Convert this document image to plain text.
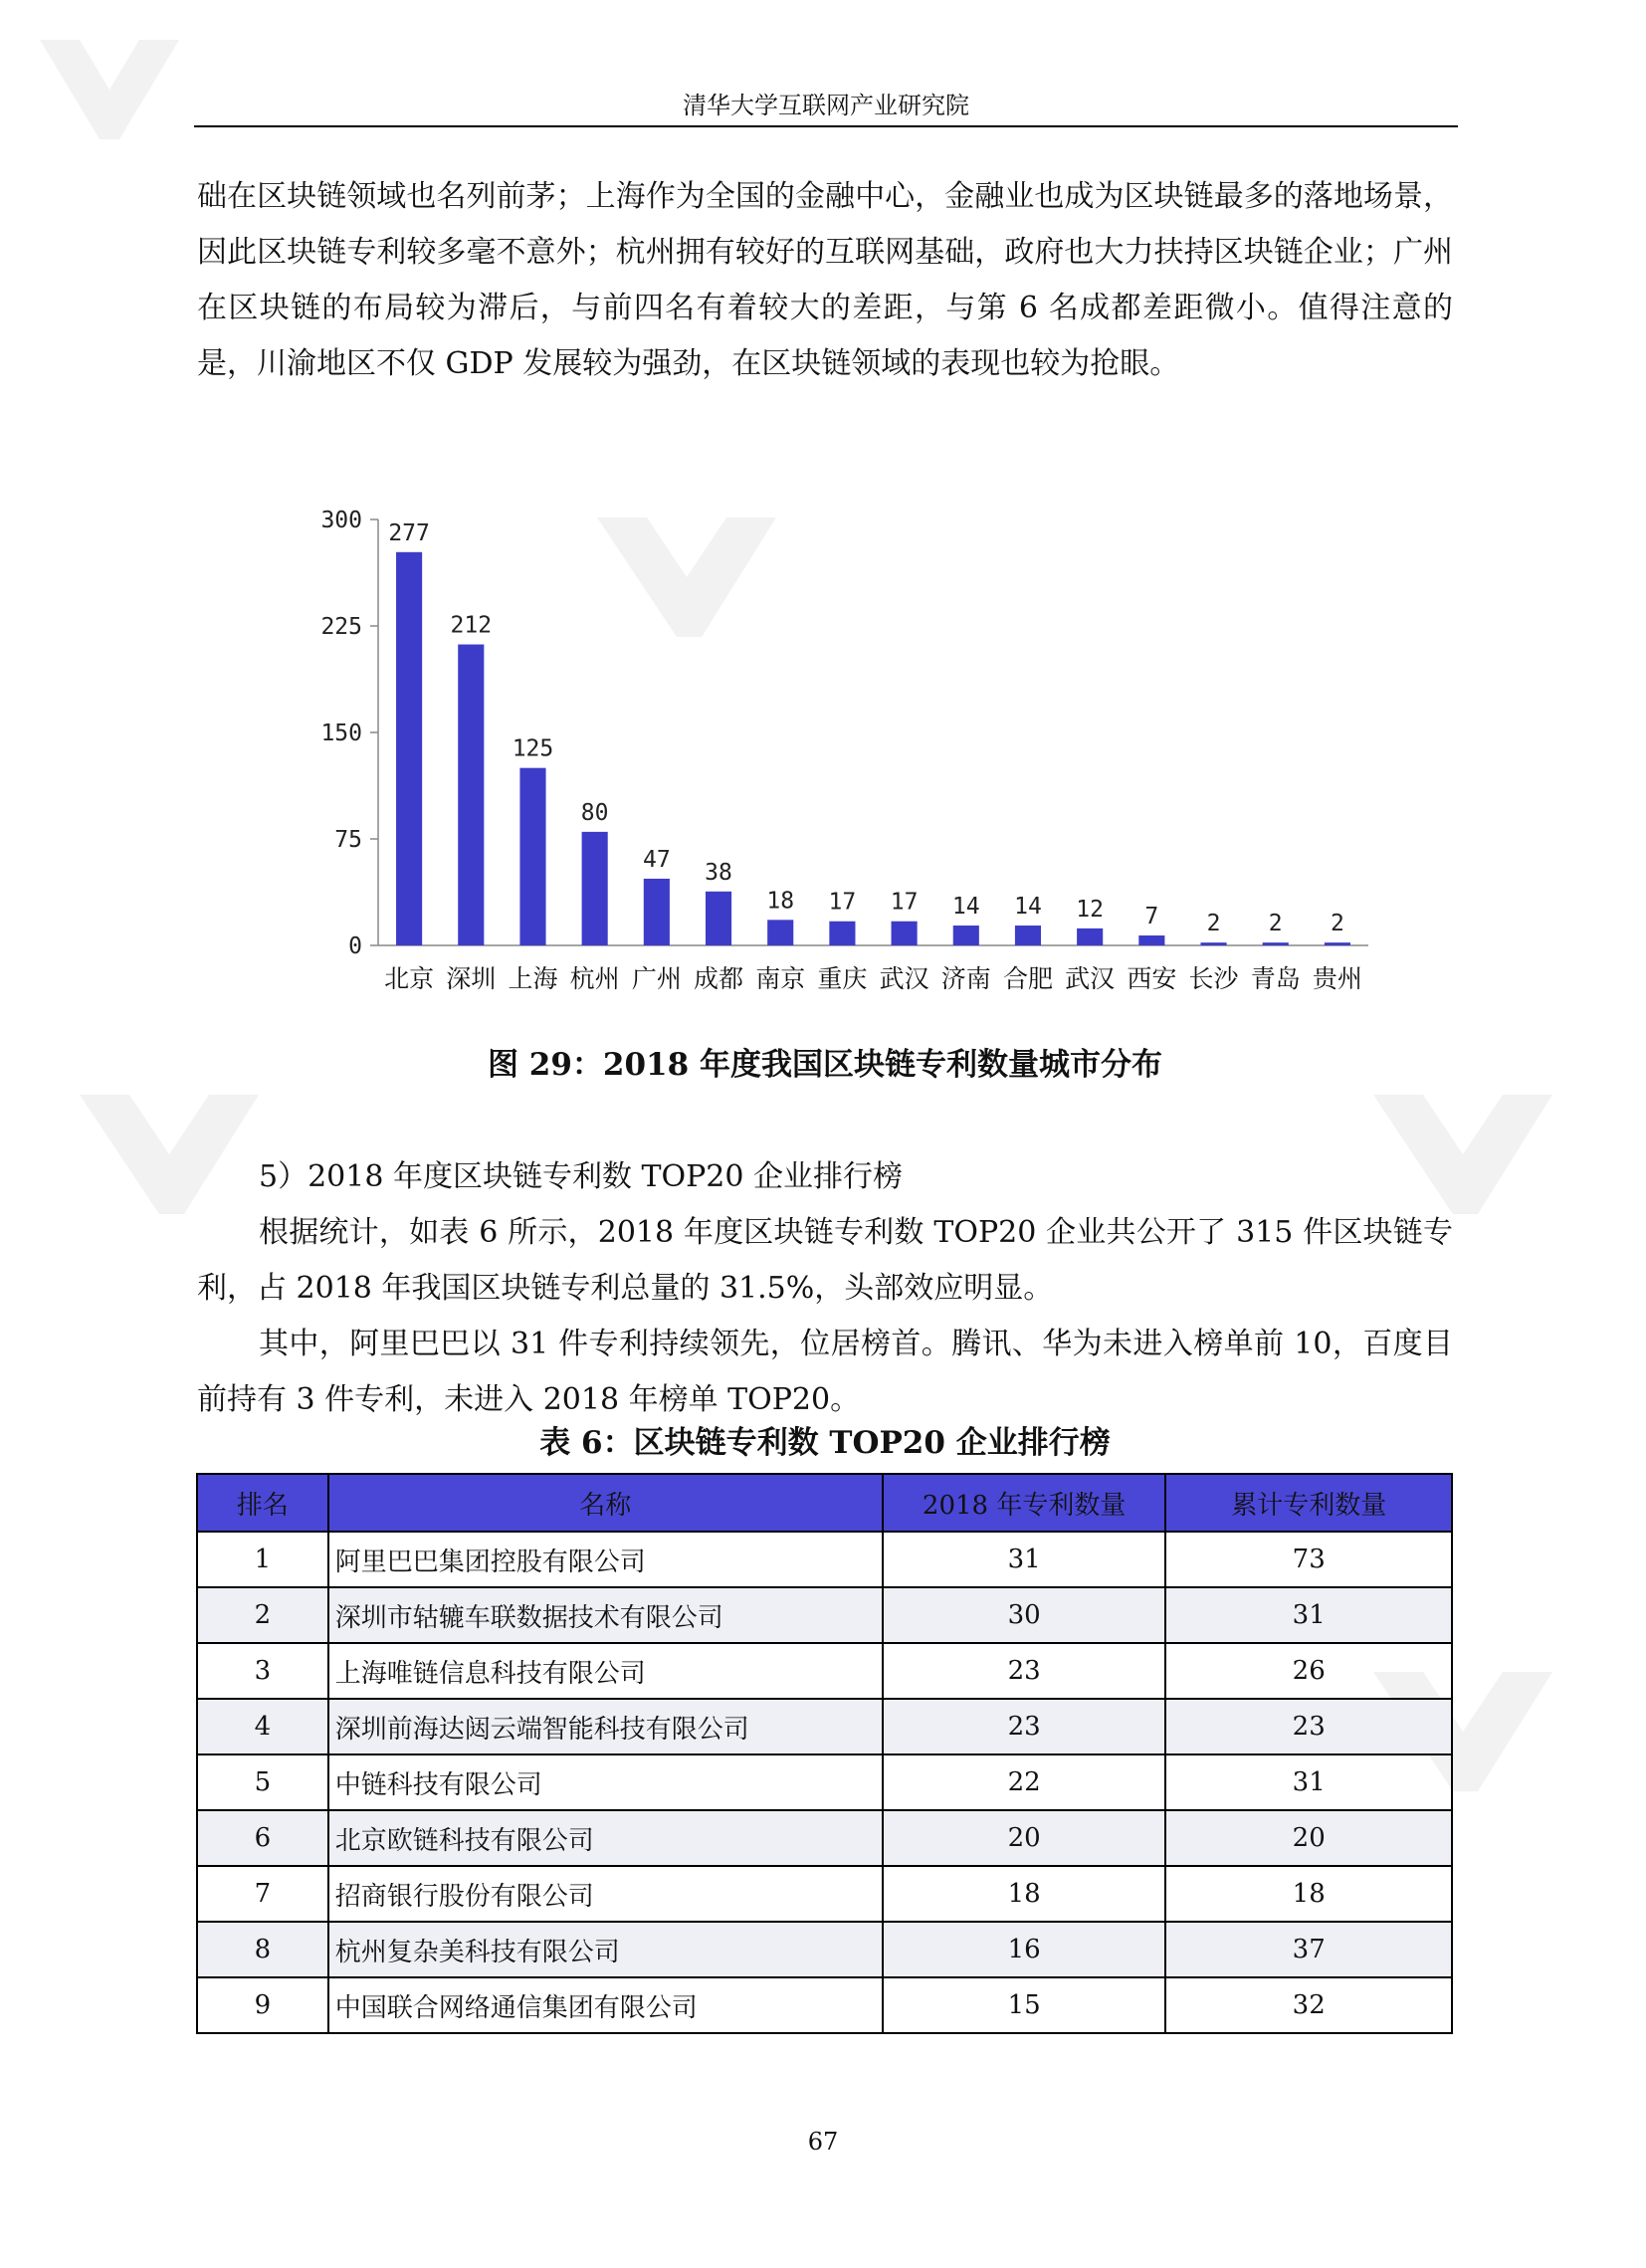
清华大学互联网产业研究院

础在区块链领域也名列前茅；上海作为全国的金融中心，金融业也成为区块链最多的落地场景，因此区块链专利较多毫不意外；杭州拥有较好的互联网基础，政府也大力扶持区块链企业；广州在区块链的布局较为滞后，与前四名有着较大的差距，与第 6 名成都差距微小。值得注意的是，川渝地区不仅 GDP 发展较为强劲，在区块链领域的表现也较为抢眼。

0
75
150
225
300 277
北京
212
深圳
125
上海
80
杭州
47
广州
38
成都
18
南京
17
重庆
17
武汉
14
济南
14
合肥
12
武汉
7
西安
2
长沙
2
青岛
2
贵州

图 29：2018 年度我国区块链专利数量城市分布

5）2018 年度区块链专利数 TOP20 企业排行榜

根据统计，如表 6 所示，2018 年度区块链专利数 TOP20 企业共公开了 315 件区块链专利，占 2018 年我国区块链专利总量的 31.5%，头部效应明显。

其中，阿里巴巴以 31 件专利持续领先，位居榜首。腾讯、华为未进入榜单前 10，百度目前持有 3 件专利，未进入 2018 年榜单 TOP20。

表 6：区块链专利数 TOP20 企业排行榜

排名	名称	2018 年专利数量	累计专利数量
1	阿里巴巴集团控股有限公司	31	73
2	深圳市轱辘车联数据技术有限公司	30	31
3	上海唯链信息科技有限公司	23	26
4	深圳前海达闼云端智能科技有限公司	23	23
5	中链科技有限公司	22	31
6	北京欧链科技有限公司	20	20
7	招商银行股份有限公司	18	18
8	杭州复杂美科技有限公司	16	37
9	中国联合网络通信集团有限公司	15	32
67
